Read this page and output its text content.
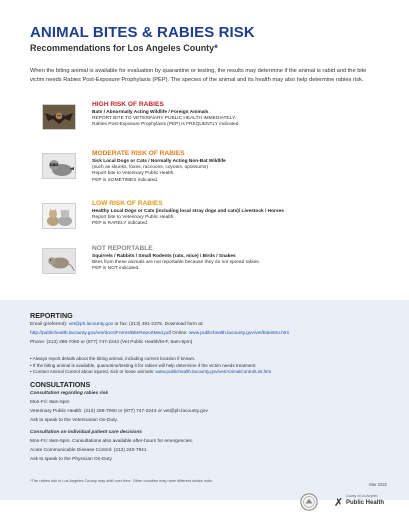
ANIMAL BITES & RABIES RISK
Recommendations for Los Angeles County*

When the biting animal is available for evaluation by quarantine or testing, the results may determine if the animal is rabid and the bite victim needs Rabies Post-Exposure Prophylaxis (PEP). The species of the animal and its health may also help determine rabies risk.

HIGH RISK OF RABIES
Bats / Abnormally Acting Wildlife / Foreign Animals
REPORT BITE TO VETERINARY PUBLIC HEALTH IMMEDIATELY.
Rabies Post-Exposure Prophylaxis (PEP) is FREQUENTLY indicated.
MODERATE RISK OF RABIES
Sick Local Dogs or Cats / Normally Acting Non-Bat Wildlife
(such as skunks, foxes, raccoons, coyotes, opossums)
Report bite to Veterinary Public Health.
PEP is SOMETIMES indicated.
LOW RISK OF RABIES
Healthy Local Dogs or Cats (including local stray dogs and cats)/ Livestock / Horses
Report bite to Veterinary Public Health.
PEP is RARELY indicated.
NOT REPORTABLE
Squirrels / Rabbits / Small Rodents (rats, mice) / Birds / Snakes
Bites from these animals are not reportable because they do not spread rabies.
PEP is NOT indicated.
REPORTING

Email (preferred): vet@ph.lacounty.gov or fax: (213) 481-2375. Download form at:

http://publichealth.lacounty.gov/vet/docs/Forms/BiteReportMed.pdf Online: www.publichealth.lacounty.gov/vet/biteintro.htm

Phone: (213) 288-7060 or (877) 747-2243 (Vet Public Health/M-F, 8am-5pm)

• Always report details about the biting animal, including current location if known.
• If the biting animal is available, quarantine/testing it for rabies will help determine if the victim needs treatment.
• Contact Animal Control about injured, sick or loose animals: www.publichealth.lacounty.gov/vet/AnimalControlList.htm
CONSULTATIONS

Consultation regarding rabies risk

Mon-Fri: 8am-5pm

Veterinary Public Health: (213) 288-7060 or (877) 747-2243 or vet@ph.lacounty.gov

Ask to speak to the Veterinarian On-Duty.

Consultation on individual patient care decisions

Mon-Fri: 8am-5pm. Consultations also available after-hours for emergencies.

Acute Communicable Disease Control: (213) 240-7941

Ask to speak to the Physician On-Duty

*The rabies risk in Los Angeles County may shift over time. Other counties may have different rabies risks.
Mar 2022
✗
County of Los Angeles
Public Health
